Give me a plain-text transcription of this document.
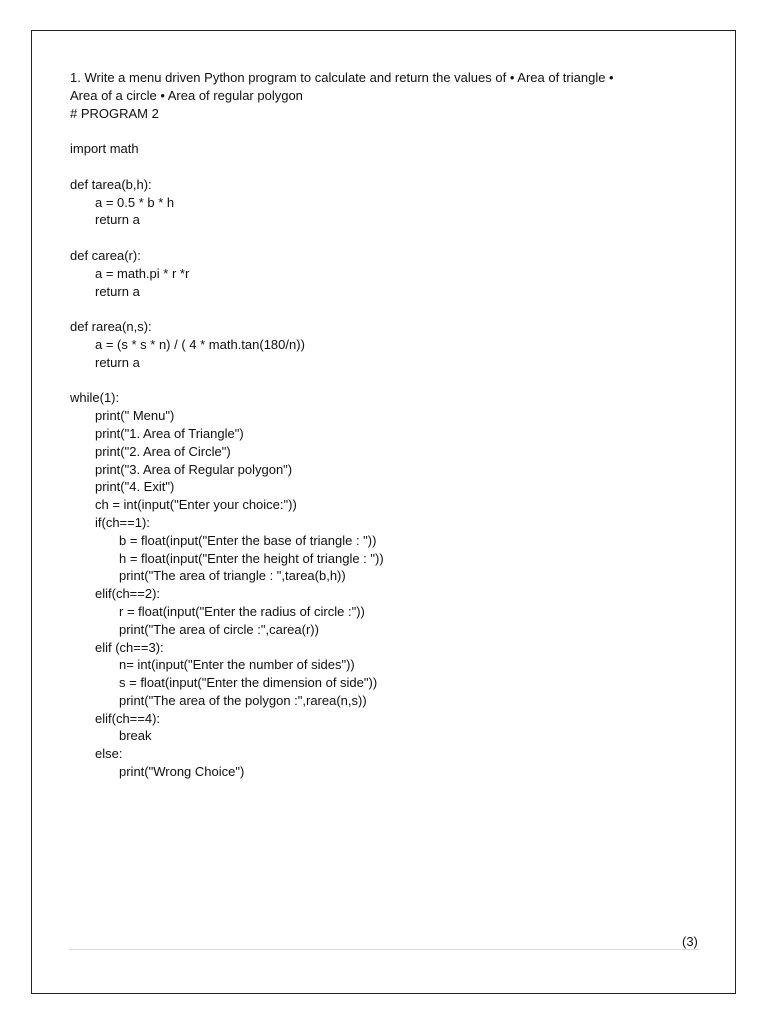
1. Write a menu driven Python program to calculate and return the values of • Area of triangle •
Area of a circle • Area of regular polygon
# PROGRAM 2
import math
def tarea(b,h):
a = 0.5 * b * h
return a
def carea(r):
a = math.pi * r *r
return a
def rarea(n,s):
a = (s * s * n) / ( 4 * math.tan(180/n))
return a
while(1):
print(" Menu")
print("1. Area of Triangle")
print("2. Area of Circle")
print("3. Area of Regular polygon")
print("4. Exit")
ch = int(input("Enter your choice:"))
if(ch==1):
b = float(input("Enter the base of triangle : "))
h = float(input("Enter the height of triangle : "))
print("The area of triangle : ",tarea(b,h))
elif(ch==2):
r = float(input("Enter the radius of circle :"))
print("The area of circle :",carea(r))
elif (ch==3):
n= int(input("Enter the number of sides"))
s = float(input("Enter the dimension of side"))
print("The area of the polygon :",rarea(n,s))
elif(ch==4):
break
else:
print("Wrong Choice")
(3)
